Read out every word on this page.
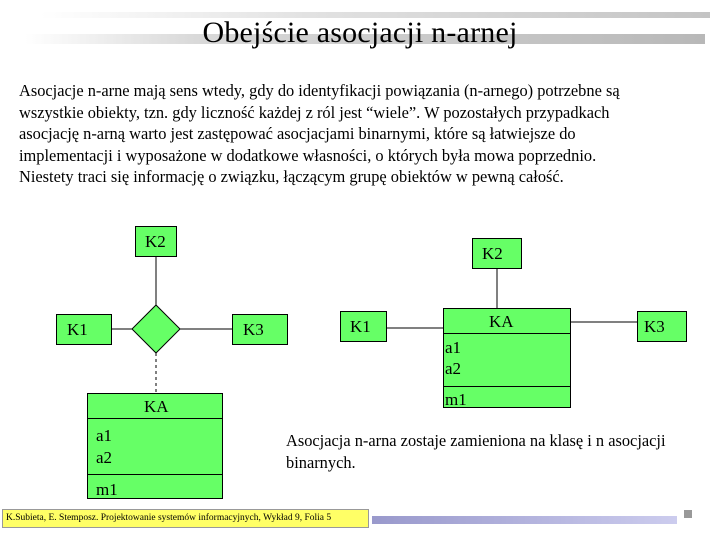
Obejście asocjacji n-arnej
Asocjacje n-arne mają sens wtedy, gdy do identyfikacji powiązania (n-arnego) potrzebne są
wszystkie obiekty, tzn. gdy liczność każdej z ról jest “wiele”. W pozostałych przypadkach
asocjację n-arną warto jest zastępować asocjacjami binarnymi, które są łatwiejsze do
implementacji i wyposażone w dodatkowe własności, o których była mowa poprzednio.
Niestety traci się informację o związku, łączącym grupę obiektów w pewną całość.
K2
K1	K3
KA
a1
a2
m1
K2
K1	KA
a1
a2
m1
K3
Asocjacja n-arna zostaje zamieniona na klasę i n asocjacji binarnych.
K.Subieta, E. Stemposz. Projektowanie systemów informacyjnych, Wykład 9, Folia 5
